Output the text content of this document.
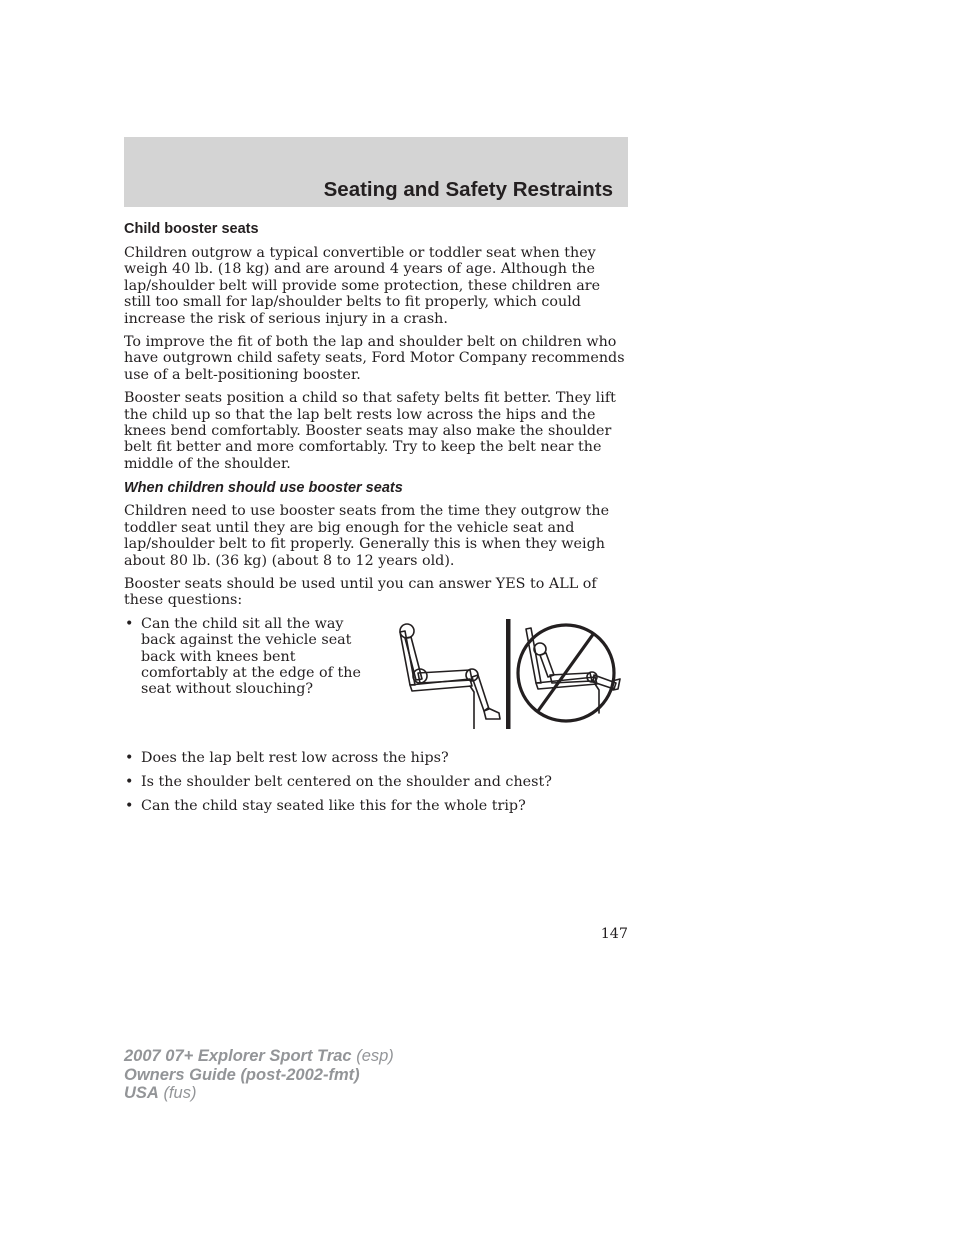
Seating and Safety Restraints
Child booster seats

Children outgrow a typical convertible or toddler seat when they weigh 40 lb. (18 kg) and are around 4 years of age. Although the lap/shoulder belt will provide some protection, these children are still too small for lap/shoulder belts to fit properly, which could increase the risk of serious injury in a crash.

To improve the fit of both the lap and shoulder belt on children who have outgrown child safety seats, Ford Motor Company recommends use of a belt-positioning booster.

Booster seats position a child so that safety belts fit better. They lift the child up so that the lap belt rests low across the hips and the knees bend comfortably. Booster seats may also make the shoulder belt fit better and more comfortably. Try to keep the belt near the middle of the shoulder.

When children should use booster seats

Children need to use booster seats from the time they outgrow the toddler seat until they are big enough for the vehicle seat and lap/shoulder belt to fit properly. Generally this is when they weigh about 80 lb. (36 kg) (about 8 to 12 years old).

Booster seats should be used until you can answer YES to ALL of these questions:

• Can the child sit all the way back against the vehicle seat back with knees bent comfortably at the edge of the seat without slouching?
• Does the lap belt rest low across the hips?
• Is the shoulder belt centered on the shoulder and chest?
• Can the child stay seated like this for the whole trip?
147
2007 07+ Explorer Sport Trac (esp)
Owners Guide (post-2002-fmt)
USA (fus)
